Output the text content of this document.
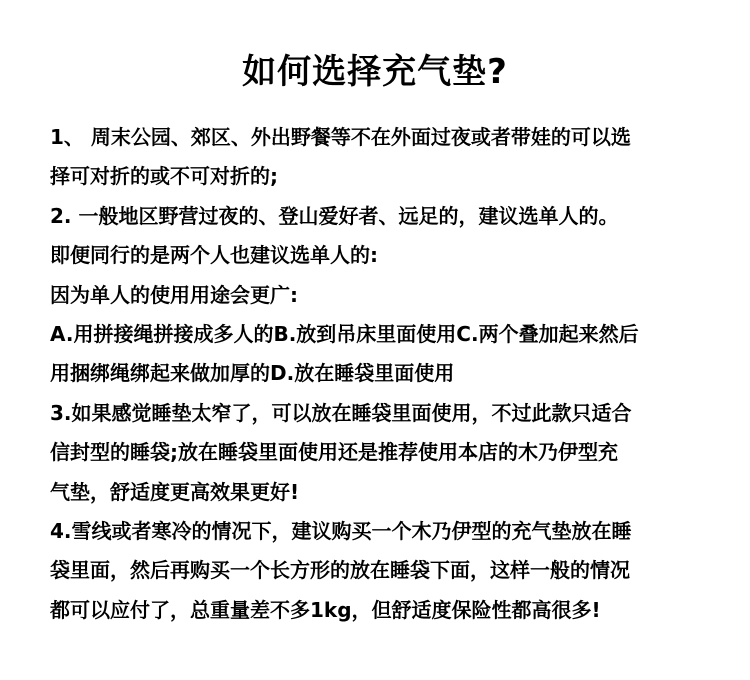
如何选择充气垫?
1、 周末公园、郊区、外出野餐等不在外面过夜或者带娃的可以选
择可对折的或不可对折的;
2. 一般地区野营过夜的、登山爱好者、远足的，建议选单人的。
即便同行的是两个人也建议选单人的:
因为单人的使用用途会更广:
A.用拼接绳拼接成多人的B.放到吊床里面使用C.两个叠加起来然后
用捆绑绳绑起来做加厚的D.放在睡袋里面使用
3.如果感觉睡垫太窄了，可以放在睡袋里面使用，不过此款只适合
信封型的睡袋;放在睡袋里面使用还是推荐使用本店的木乃伊型充
气垫，舒适度更高效果更好!
4.雪线或者寒冷的情况下，建议购买一个木乃伊型的充气垫放在睡
袋里面，然后再购买一个长方形的放在睡袋下面，这样一般的情况
都可以应付了，总重量差不多1kg，但舒适度保险性都高很多!
